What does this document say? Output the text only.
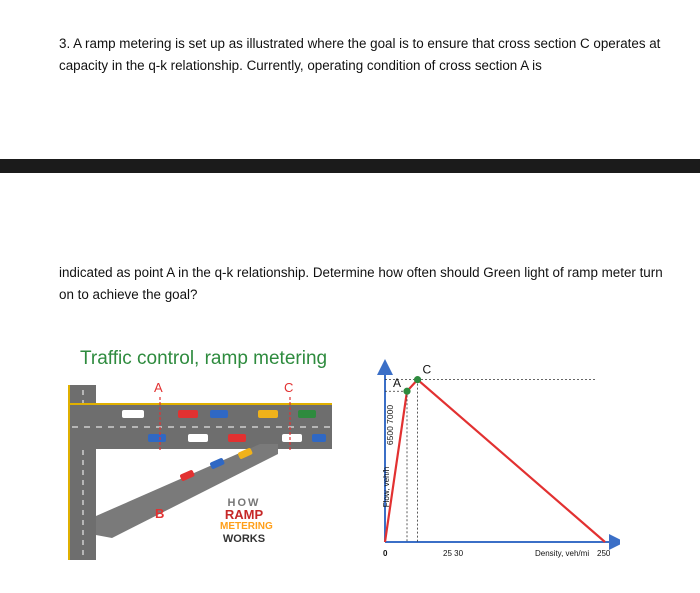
3. A ramp metering is set up as illustrated where the goal is to ensure that cross section C operates at capacity in the q-k relationship. Currently, operating condition of cross section A is
indicated as point A in the q-k relationship. Determine how often should Green light of ramp meter turn on to achieve the goal?
Traffic control, ramp metering
A	C
B
HOW
RAMP
METERING
WORKS
A
C
6500 7000
Flow, veh/h
0	25 30	Density, veh/mi 250
